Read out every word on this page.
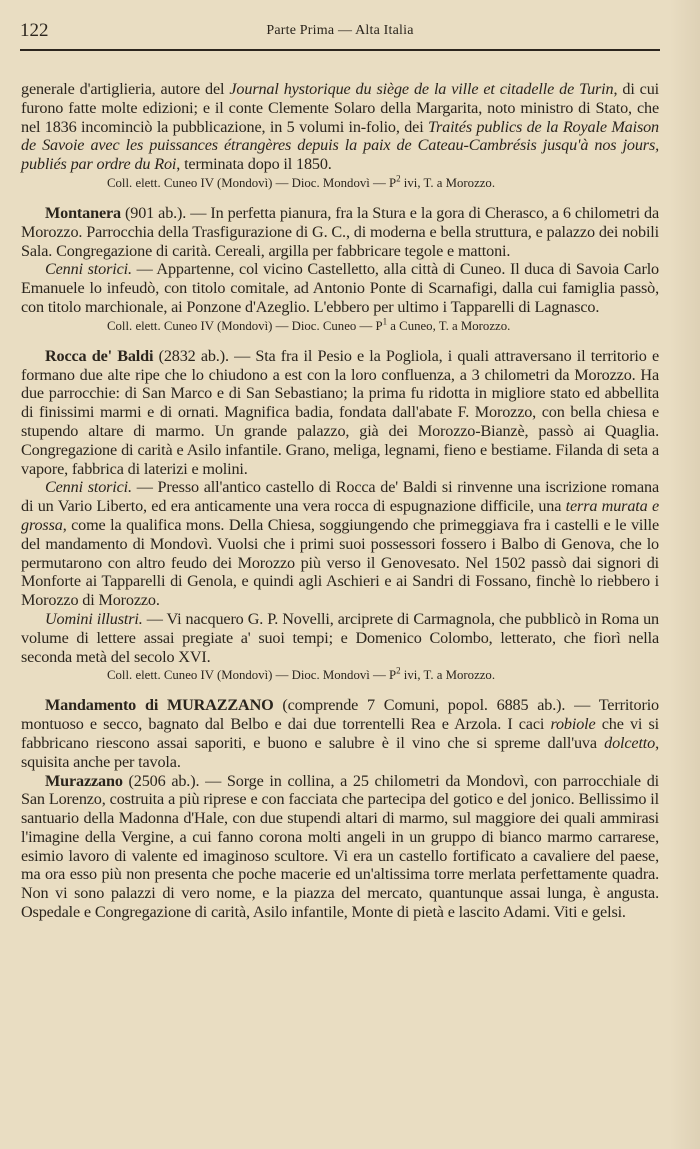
122	Parte Prima — Alta Italia

generale d'artiglieria, autore del Journal hystorique du siège de la ville et citadelle de Turin, di cui furono fatte molte edizioni; e il conte Clemente Solaro della Margarita, noto ministro di Stato, che nel 1836 incominciò la pubblicazione, in 5 volumi in-folio, dei Traités publics de la Royale Maison de Savoie avec les puissances étrangères depuis la paix de Cateau-Cambrésis jusqu'à nos jours, publiés par ordre du Roi, terminata dopo il 1850.

Coll. elett. Cuneo IV (Mondovì) — Dioc. Mondovì — $P^2$ ivi, T. a Morozzo.

Montanera (901 ab.). — In perfetta pianura, fra la Stura e la gora di Cherasco, a 6 chilometri da Morozzo. Parrocchia della Trasfigurazione di G. C., di moderna e bella struttura, e palazzo dei nobili Sala. Congregazione di carità. Cereali, argilla per fabbricare tegole e mattoni.

Cenni storici. — Appartenne, col vicino Castelletto, alla città di Cuneo. Il duca di Savoia Carlo Emanuele lo infeudò, con titolo comitale, ad Antonio Ponte di Scarnafigi, dalla cui famiglia passò, con titolo marchionale, ai Ponzone d'Azeglio. L'ebbero per ultimo i Tapparelli di Lagnasco.

Coll. elett. Cuneo IV (Mondovì) — Dioc. Cuneo — $P^1$ a Cuneo, T. a Morozzo.

Rocca de' Baldi (2832 ab.). — Sta fra il Pesio e la Pogliola, i quali attraversano il territorio e formano due alte ripe che lo chiudono a est con la loro confluenza, a 3 chilometri da Morozzo. Ha due parrocchie: di San Marco e di San Sebastiano; la prima fu ridotta in migliore stato ed abbellita di finissimi marmi e di ornati. Magnifica badia, fondata dall'abate F. Morozzo, con bella chiesa e stupendo altare di marmo. Un grande palazzo, già dei Morozzo-Bianzè, passò ai Quaglia. Congregazione di carità e Asilo infantile. Grano, meliga, legnami, fieno e bestiame. Filanda di seta a vapore, fabbrica di laterizi e molini.

Cenni storici. — Presso all'antico castello di Rocca de' Baldi si rinvenne una iscrizione romana di un Vario Liberto, ed era anticamente una vera rocca di espugnazione difficile, una terra murata e grossa, come la qualifica mons. Della Chiesa, soggiungendo che primeggiava fra i castelli e le ville del mandamento di Mondovì. Vuolsi che i primi suoi possessori fossero i Balbo di Genova, che lo permutarono con altro feudo dei Morozzo più verso il Genovesato. Nel 1502 passò dai signori di Monforte ai Tapparelli di Genola, e quindi agli Aschieri e ai Sandri di Fossano, finchè lo riebbero i Morozzo di Morozzo.

Uomini illustri. — Vi nacquero G. P. Novelli, arciprete di Carmagnola, che pubblicò in Roma un volume di lettere assai pregiate a' suoi tempi; e Domenico Colombo, letterato, che fiorì nella seconda metà del secolo XVI.

Coll. elett. Cuneo IV (Mondovì) — Dioc. Mondovì — $P^2$ ivi, T. a Morozzo.

Mandamento di MURAZZANO (comprende 7 Comuni, popol. 6885 ab.). — Territorio montuoso e secco, bagnato dal Belbo e dai due torrentelli Rea e Arzola. I caci robiole che vi si fabbricano riescono assai saporiti, e buono e salubre è il vino che si spreme dall'uva dolcetto, squisita anche per tavola.

Murazzano (2506 ab.). — Sorge in collina, a 25 chilometri da Mondovì, con parrocchiale di San Lorenzo, costruita a più riprese e con facciata che partecipa del gotico e del jonico. Bellissimo il santuario della Madonna d'Hale, con due stupendi altari di marmo, sul maggiore dei quali ammirasi l'imagine della Vergine, a cui fanno corona molti angeli in un gruppo di bianco marmo carrarese, esimio lavoro di valente ed imaginoso scultore. Vi era un castello fortificato a cavaliere del paese, ma ora esso più non presenta che poche macerie ed un'altissima torre merlata perfettamente quadra. Non vi sono palazzi di vero nome, e la piazza del mercato, quantunque assai lunga, è angusta. Ospedale e Congregazione di carità, Asilo infantile, Monte di pietà e lascito Adami. Viti e gelsi.
